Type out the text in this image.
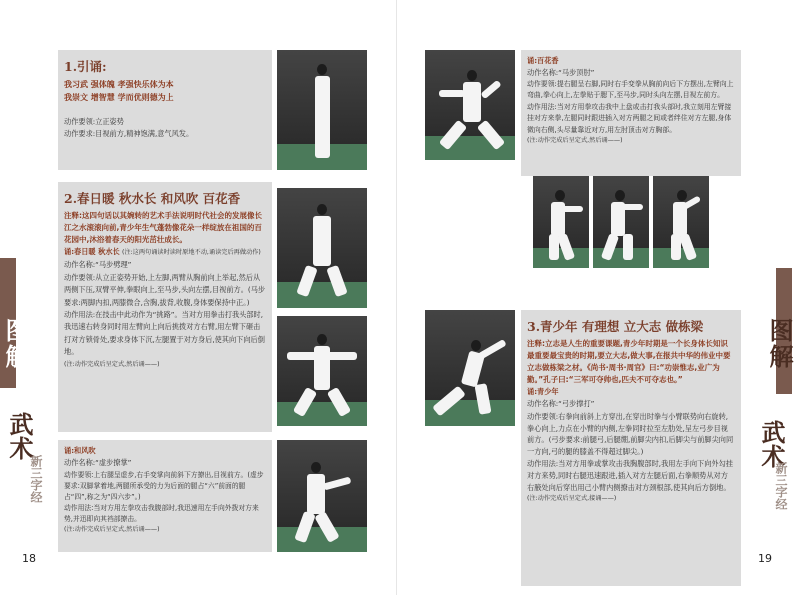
图解
武术
新三字经
18
1.引诵:
我习武 强体魄 孝强快乐体为本
我崇文 增智慧 学而优则德为上
动作要领:立正姿势
动作要求:目视前方,精神饱满,意气风发。
2.春日暖 秋水长 和风吹 百花香
注释:这四句话以其婉转的艺术手法说明时代社会的发展像长江之水滚滚向前,青少年生气蓬勃像花朵一样绽放在祖国的百花园中,沐浴着春天的阳光茁壮成长。
诵:春日暖 秋水长 (注:这两句诵读时读时原地不动,诵读完后再做动作)
动作名称:“马步劈理”
动作要领:从立正姿势开始,上左脚,两臂从胸前向上举起,然后从两侧下压,双臂平伸,拳眼向上,至马步,头向左摆,目视前方。(马步要求:两脚内扣,两膝微合,含胸,拔背,收腹,身体要保持中正。)
动作用法:在技击中此动作为“挑路”。当对方用拳击打我头部时,我迅速右转身同时用左臂向上向后挑拨对方右臂,用左臂下砸击打对方锁骨处,要求身体下沉,左腿置于对方身后,使其向下向后倒地。
(注:动作完成后呈定式,然后诵——)
诵:和风吹
动作名称:“虚步撩掌”
动作要领:上右腿呈虚步,右手变掌向前斜下方撩出,目视前方。(虚步要求:双脚掌着地,两腿所承受的力为后面的腿占“六”前面的腿占“四”,称之为“四六步”。)
动作用法:当对方用左拳攻击我腹部时,我迅速用左手向外拨对方来势,并迅即向其裆部撩击。
(注:动作完成后呈定式,然后诵——)
图解
武术
新三字经
19
诵:百花香
动作名称:“马步顶肘”
动作要领:提右腿呈右脚,同时右手变拳从胸前向后下方摆出,左臂向上弯曲,拳心向上,左拳贴于腮下,至马步,同时头向左摆,目视左前方。
动作用法:当对方用拳攻击我中上盘或击打我头部时,我立刻用左臂接挂对方来拳,左腿同时跟进插入对方两腿之间或者绊住对方左腿,身体微向右侧,头尽量靠近对方,用左肘顶击对方胸部。
(注:动作完成后呈定式,然后诵——)
3.青少年 有理想 立大志 做栋梁
注释:立志是人生的重要课题,青少年时期是一个长身体长知识最重要最宝贵的时期,要立大志,做大事,在报共中华的伟业中要立志做栋梁之材。《尚书·周书·周官》曰:“功崇惟志,业广为勤。”孔子曰:“三军可夺帅也,匹夫不可夺志也。”
诵:青少年
动作名称:“弓步撑打”
动作要领:右拳向前斜上方穿出,在穿出时拳与小臂联势向右旋转,拳心向上,力点在小臂的内侧,左拳同时拉至左肋处,呈左弓步目视前方。(弓步要求:前腿弓,后腿绷,前脚尖内扣,后脚尖与前脚尖向同一方向,弓的腿的膝盖不得超过脚尖。)
动作用法:当对方用拳或掌攻击我胸腹部时,我用左手向下向外勾挂对方来势,同时右腿迅速跟进,插入对方左腿后面,右拳顺势从对方右腋处向后穿出用己小臂内侧撩击对方颈根部,使其向后方倒地。
(注:动作完成后呈定式,接诵——)
